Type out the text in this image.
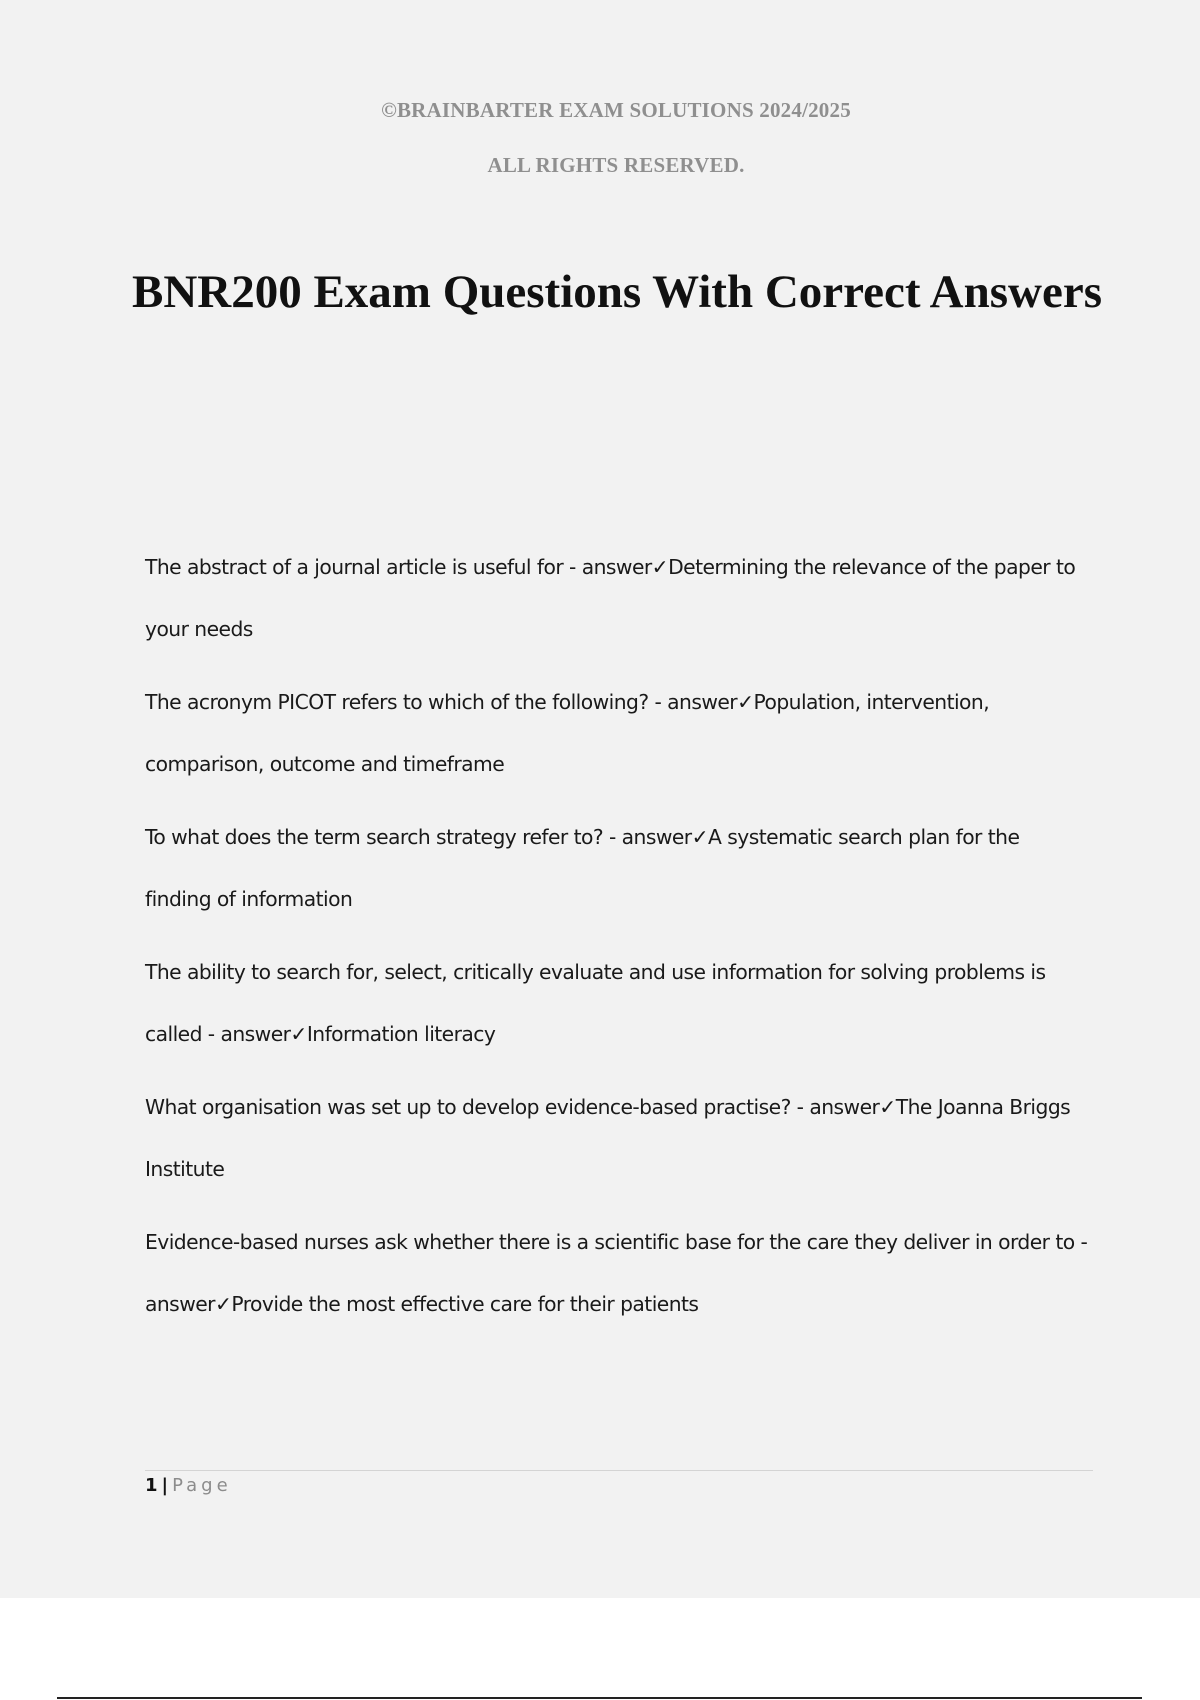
©BRAINBARTER EXAM SOLUTIONS 2024/2025
ALL RIGHTS RESERVED.
BNR200 Exam Questions With Correct Answers

The abstract of a journal article is useful for - answer✓Determining the relevance of the paper to your needs

The acronym PICOT refers to which of the following? - answer✓Population, intervention, comparison, outcome and timeframe

To what does the term search strategy refer to? - answer✓A systematic search plan for the finding of information

The ability to search for, select, critically evaluate and use information for solving problems is called - answer✓Information literacy

What organisation was set up to develop evidence-based practise? - answer✓The Joanna Briggs Institute

Evidence-based nurses ask whether there is a scientific base for the care they deliver in order to - answer✓Provide the most effective care for their patients

1 | Page
